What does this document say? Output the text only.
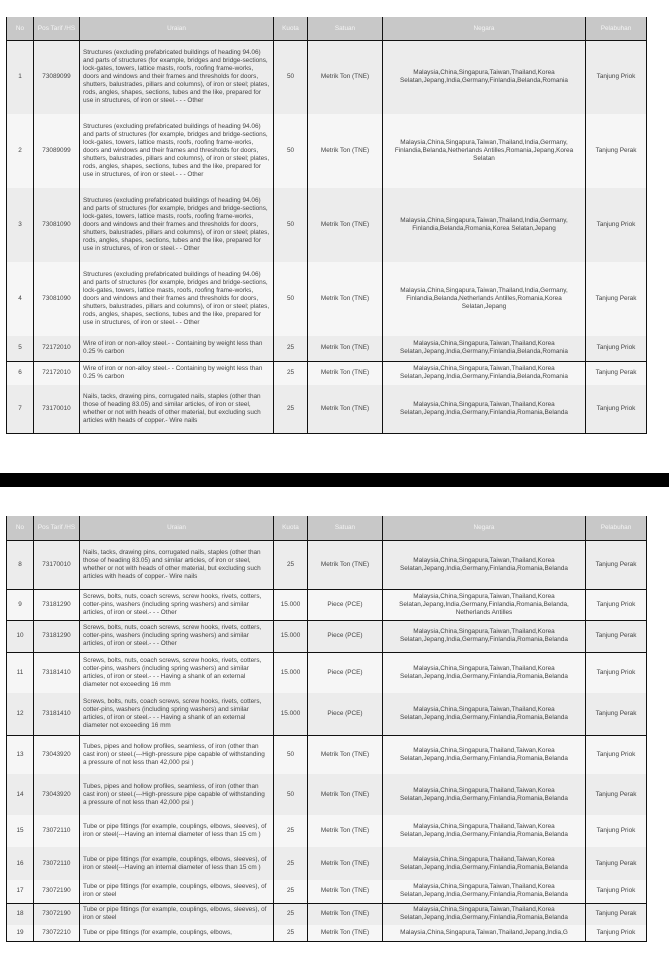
No	Pos Tarif /HS	Uraian	Kuota	Satuan	Negara	Pelabuhan
1	73089099	Structures (excluding prefabricated buildings of heading 94.06) and parts of structures (for example, bridges and bridge-sections, lock-gates, towers, lattice masts, roofs, roofing frame-works, doors and windows and their frames and thresholds for doors, shutters, balustrades, pillars and columns), of iron or steel; plates, rods, angles, shapes, sections, tubes and the like, prepared for use in structures, of iron or steel.- - - Other	50	Metrik Ton (TNE)	Malaysia,China,Singapura,Taiwan,Thailand,Korea Selatan,Jepang,India,Germany,Finlandia,Belanda,Romania	Tanjung Priok
2	73089099	Structures (excluding prefabricated buildings of heading 94.06) and parts of structures (for example, bridges and bridge-sections, lock-gates, towers, lattice masts, roofs, roofing frame-works, doors and windows and their frames and thresholds for doors, shutters, balustrades, pillars and columns), of iron or steel; plates, rods, angles, shapes, sections, tubes and the like, prepared for use in structures, of iron or steel.- - - Other	50	Metrik Ton (TNE)	Malaysia,China,Singapura,Taiwan,Thailand,India,Germany, Finlandia,Belanda,Netherlands Antilles,Romania,Jepang,Korea Selatan	Tanjung Perak
3	73081090	Structures (excluding prefabricated buildings of heading 94.06) and parts of structures (for example, bridges and bridge-sections, lock-gates, towers, lattice masts, roofs, roofing frame-works, doors and windows and their frames and thresholds for doors, shutters, balustrades, pillars and columns), of iron or steel; plates, rods, angles, shapes, sections, tubes and the like, prepared for use in structures, of iron or steel.- - Other	50	Metrik Ton (TNE)	Malaysia,China,Singapura,Taiwan,Thailand,India,Germany, Finlandia,Belanda,Romania,Korea Selatan,Jepang	Tanjung Priok
4	73081090	Structures (excluding prefabricated buildings of heading 94.06) and parts of structures (for example, bridges and bridge-sections, lock-gates, towers, lattice masts, roofs, roofing frame-works, doors and windows and their frames and thresholds for doors, shutters, balustrades, pillars and columns), of iron or steel; plates, rods, angles, shapes, sections, tubes and the like, prepared for use in structures, of iron or steel.- - Other	50	Metrik Ton (TNE)	Malaysia,China,Singapura,Taiwan,Thailand,India,Germany, Finlandia,Belanda,Netherlands Antilles,Romania,Korea Selatan,Jepang	Tanjung Perak
5	72172010	Wire of iron or non-alloy steel.- - Containing by weight less than 0.25 % carbon	25	Metrik Ton (TNE)	Malaysia,China,Singapura,Taiwan,Thailand,Korea Selatan,Jepang,India,Germany,Finlandia,Belanda,Romania	Tanjung Priok
6	72172010	Wire of iron or non-alloy steel.- - Containing by weight less than 0.25 % carbon	25	Metrik Ton (TNE)	Malaysia,China,Singapura,Taiwan,Thailand,Korea Selatan,Jepang,India,Germany,Finlandia,Belanda,Romania	Tanjung Perak
7	73170010	Nails, tacks, drawing pins, corrugated nails, staples (other than those of heading 83.05) and similar articles, of iron or steel, whether or not with heads of other material, but excluding such articles with heads of copper.- Wire nails	25	Metrik Ton (TNE)	Malaysia,China,Singapura,Taiwan,Thailand,Korea Selatan,Jepang,India,Germany,Finlandia,Romania,Belanda	Tanjung Priok
No	Pos Tarif /HS	Uraian	Kuota	Satuan	Negara	Pelabuhan
8	73170010	Nails, tacks, drawing pins, corrugated nails, staples (other than those of heading 83.05) and similar articles, of iron or steel, whether or not with heads of other material, but excluding such articles with heads of copper.- Wire nails	25	Metrik Ton (TNE)	Malaysia,China,Singapura,Taiwan,Thailand,Korea Selatan,Jepang,India,Germany,Finlandia,Romania,Belanda	Tanjung Perak
9	73181290	Screws, bolts, nuts, coach screws, screw hooks, rivets, cotters, cotter-pins, washers (including spring washers) and similar articles, of iron or steel.- - - Other	15.000	Piece (PCE)	Malaysia,China,Singapura,Taiwan,Thailand,Korea Selatan,Jepang,India,Germany,Finlandia,Romania,Belanda, Netherlands Antilles	Tanjung Priok
10	73181290	Screws, bolts, nuts, coach screws, screw hooks, rivets, cotters, cotter-pins, washers (including spring washers) and similar articles, of iron or steel.- - - Other	15.000	Piece (PCE)	Malaysia,China,Singapura,Taiwan,Thailand,Korea Selatan,Jepang,India,Germany,Finlandia,Romania,Belanda	Tanjung Perak
11	73181410	Screws, bolts, nuts, coach screws, screw hooks, rivets, cotters, cotter-pins, washers (including spring washers) and similar articles, of iron or steel.- - - Having a shank of an external diameter not exceeding 16 mm	15.000	Piece (PCE)	Malaysia,China,Singapura,Taiwan,Thailand,Korea Selatan,Jepang,India,Germany,Finlandia,Romania,Belanda	Tanjung Priok
12	73181410	Screws, bolts, nuts, coach screws, screw hooks, rivets, cotters, cotter-pins, washers (including spring washers) and similar articles, of iron or steel.- - - Having a shank of an external diameter not exceeding 16 mm	15.000	Piece (PCE)	Malaysia,China,Singapura,Taiwan,Thailand,Korea Selatan,Jepang,India,Germany,Finlandia,Romania,Belanda	Tanjung Perak
13	73043920	Tubes, pipes and hollow profiles, seamless, of iron (other than cast iron) or steel.(---High-pressure pipe capable of withstanding a pressure of not less than 42,000 psi )	50	Metrik Ton (TNE)	Malaysia,China,Singapura,Thailand,Taiwan,Korea Selatan,Jepang,India,Germany,Finlandia,Romania,Belanda	Tanjung Priok
14	73043920	Tubes, pipes and hollow profiles, seamless, of iron (other than cast iron) or steel.(---High-pressure pipe capable of withstanding a pressure of not less than 42,000 psi )	50	Metrik Ton (TNE)	Malaysia,China,Singapura,Thailand,Taiwan,Korea Selatan,Jepang,India,Germany,Finlandia,Romania,Belanda	Tanjung Perak
15	73072110	Tube or pipe fittings (for example, couplings, elbows, sleeves), of iron or steel(---Having an internal diameter of less than 15 cm )	25	Metrik Ton (TNE)	Malaysia,China,Singapura,Thailand,Taiwan,Korea Selatan,Jepang,India,Germany,Finlandia,Romania,Belanda	Tanjung Priok
16	73072110	Tube or pipe fittings (for example, couplings, elbows, sleeves), of iron or steel(---Having an internal diameter of less than 15 cm )	25	Metrik Ton (TNE)	Malaysia,China,Singapura,Thailand,Taiwan,Korea Selatan,Jepang,India,Germany,Finlandia,Romania,Belanda	Tanjung Perak
17	73072190	Tube or pipe fittings (for example, couplings, elbows, sleeves), of iron or steel	25	Metrik Ton (TNE)	Malaysia,China,Singapura,Taiwan,Thailand,Korea Selatan,Jepang,India,Germany,Finlandia,Romania,Belanda	Tanjung Priok
18	73072190	Tube or pipe fittings (for example, couplings, elbows, sleeves), of iron or steel	25	Metrik Ton (TNE)	Malaysia,China,Singapura,Taiwan,Thailand,Korea Selatan,Jepang,India,Germany,Finlandia,Romania,Belanda	Tanjung Perak
19	73072210	Tube or pipe fittings (for example, couplings, elbows,	25	Metrik Ton (TNE)	Malaysia,China,Singapura,Taiwan,Thailand,Jepang,India,G	Tanjung Priok
